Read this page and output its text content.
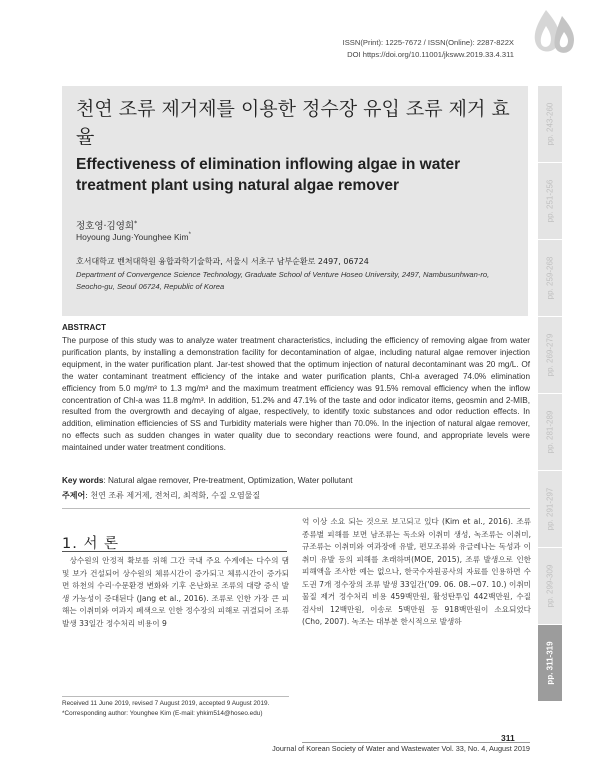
ISSN(Print): 1225-7672 / ISSN(Online): 2287-822X
DOI https://doi.org/10.11001/jksww.2019.33.4.311
천연 조류 제거제를 이용한 정수장 유입 조류 제거 효율
Effectiveness of elimination inflowing algae in water treatment plant using natural algae remover
정호영·김영희*
Hoyoung Jung·Younghee Kim*
호서대학교 벤처대학원 융합과학기술학과, 서울시 서초구 남부순환로 2497, 06724
Department of Convergence Science Technology, Graduate School of Venture Hoseo University, 2497, Nambusunhwan-ro, Seocho-gu, Seoul 06724, Republic of Korea
pp. 243-260
pp. 251-256
pp. 259-268
pp. 269-279
pp. 281-289
pp. 291-297
pp. 299-309
pp. 311-319
ABSTRACT
The purpose of this study was to analyze water treatment characteristics, including the efficiency of removing algae from water purification plants, by installing a demonstration facility for decontamination of algae, including natural algae remover injection equipment, in the water purification plant. Jar-test showed that the optimum injection of natural decontaminant was 20 mg/L. Of the water contaminant treatment efficiency of the intake and water purification plants, Chl-a averaged 74.0% elimination efficiency from 5.0 mg/m³ to 1.3 mg/m³ and the maximum treatment efficiency was 91.5% removal efficiency when the inflow concentration of Chl-a was 11.8 mg/m³. In addition, 51.2% and 47.1% of the taste and odor indicator items, geosmin and 2-MIB, resulted from the overgrowth and decaying of algae, respectively, to identify toxic substances and odor reduction effects. In addition, elimination efficiencies of SS and Turbidity materials were higher than 70.0%. In the injection of natural algae remover, no effects such as sudden changes in water quality due to secondary reactions were found, and appropriate levels were maintained under water treatment conditions.
Key words: Natural algae remover, Pre-treatment, Optimization, Water pollutant
주제어: 천연 조류 제거제, 전처리, 최적화, 수질 오염물질
1. 서 론

상수원의 안정적 확보를 위해 그간 국내 주요 수계에는 다수의 댐 및 보가 건설되어 상수원의 체류시간이 증가되고 체류시간이 증가되면 하천의 수리·수문환경 변화와 기후 온난화로 조류의 대량 증식 발생 가능성이 증대된다 (Jang et al., 2016). 조류로 인한 가장 큰 피해는 이취미와 여과지 폐색으로 인한 정수장의 피해로 귀결되어 조류발생 33일간 정수처리 비용이 9

억 이상 소요 되는 것으로 보고되고 있다 (Kim et al., 2016). 조류 종류별 피해를 보면 남조류는 독소와 이취미 생성, 녹조류는 이취미, 규조류는 이취미와 여과장애 유발, 편모조류와 유글레나는 독성과 이취미 유발 등의 피해를 초래하며(MOE, 2015), 조류 발생으로 인한 피해액을 조사한 예는 없으나, 한국수자원공사의 자료를 인용하면 수도권 7개 정수장의 조류 발생 33일간('09. 06. 08.~07. 10.) 이취미 물질 제거 정수처리 비용 459백만원, 활성탄투입 442백만원, 수질 검사비 12백만원, 이송로 5백만원 등 918백만원이 소요되었다 (Cho, 2007). 녹조는 대부분 한시적으로 발생하

Received 11 June 2019, revised 7 August 2019, accepted 9 August 2019.
*Corresponding author: Younghee Kim (E-mail: yhkim514@hoseo.edu)
311
Journal of Korean Society of Water and Wastewater Vol. 33, No. 4, August 2019
